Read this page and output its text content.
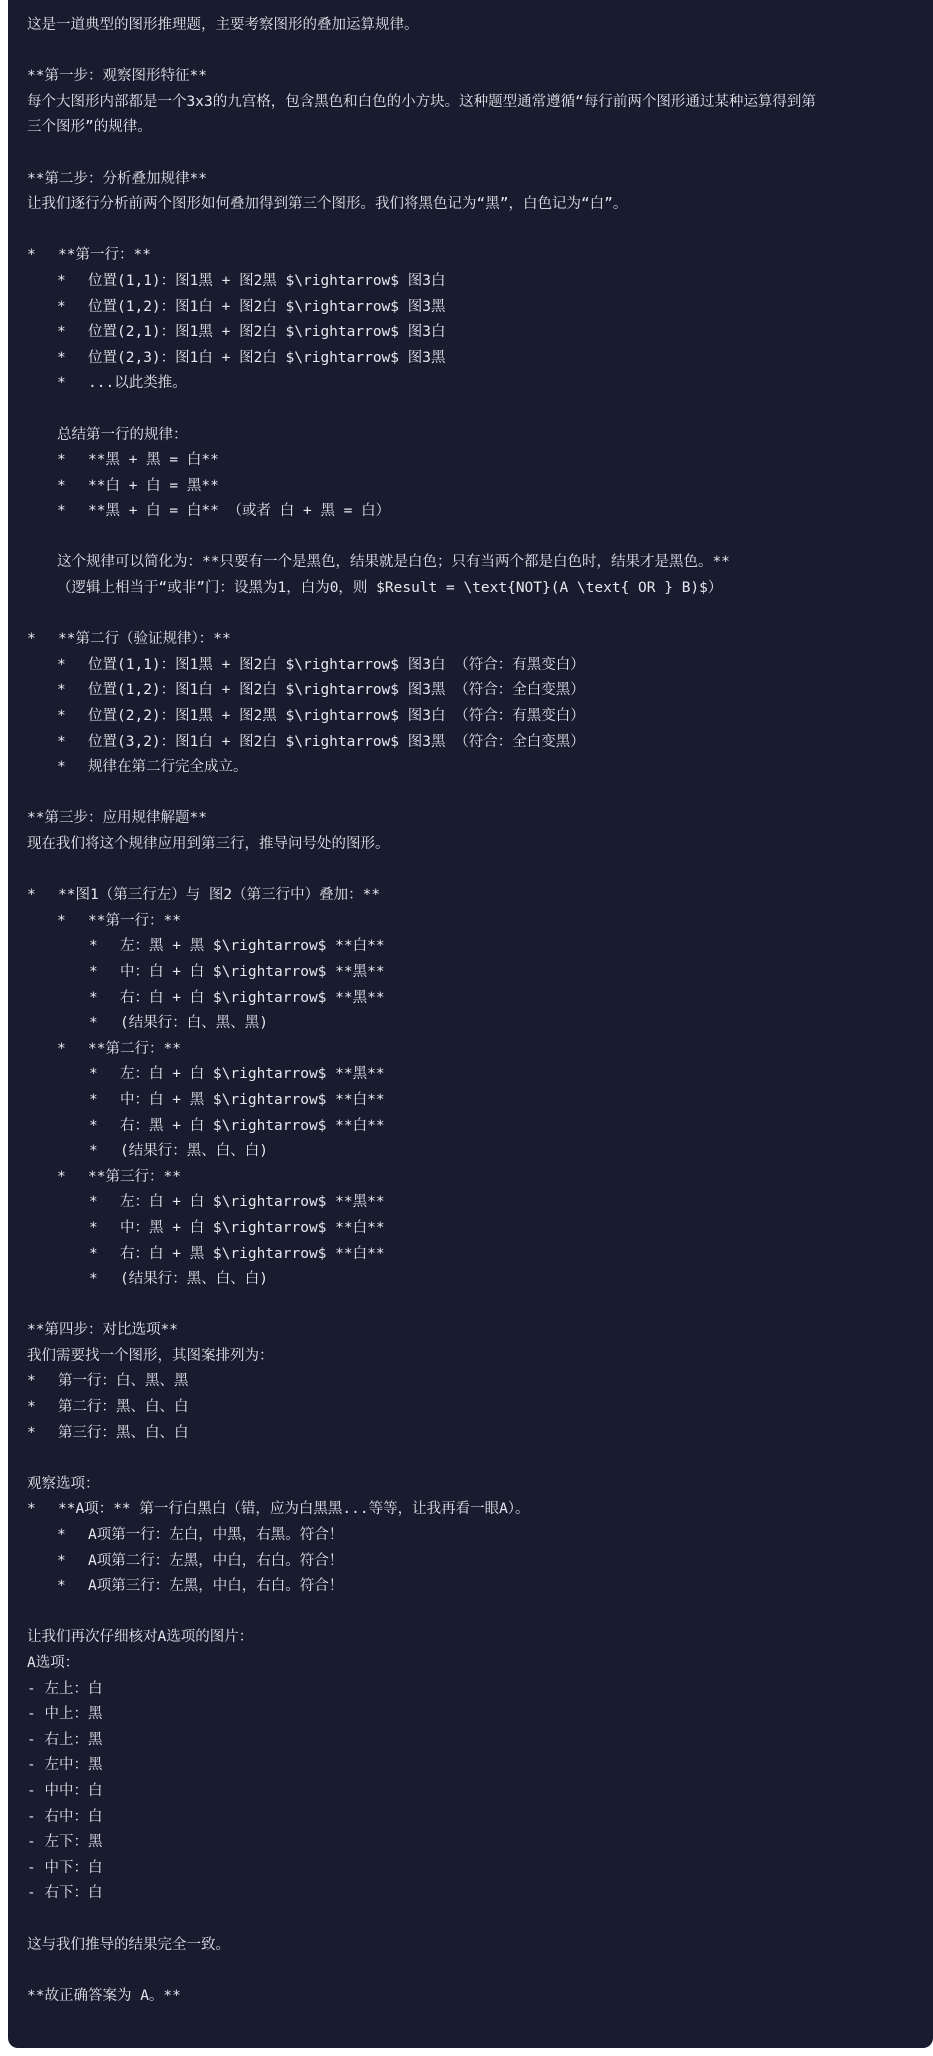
这是一道典型的图形推理题，主要考察图形的叠加运算规律。
**第一步：观察图形特征**
每个大图形内部都是一个3x3的九宫格，包含黑色和白色的小方块。这种题型通常遵循“每行前两个图形通过某种运算得到第
三个图形”的规律。
**第二步：分析叠加规律**
让我们逐行分析前两个图形如何叠加得到第三个图形。我们将黑色记为“黑”，白色记为“白”。
* **第一行：**
* 位置(1,1)：图1黑 + 图2黑 $\rightarrow$ 图3白
* 位置(1,2)：图1白 + 图2白 $\rightarrow$ 图3黑
* 位置(2,1)：图1黑 + 图2白 $\rightarrow$ 图3白
* 位置(2,3)：图1白 + 图2白 $\rightarrow$ 图3黑
* ...以此类推。
总结第一行的规律：
* **黑 + 黑 = 白**
* **白 + 白 = 黑**
* **黑 + 白 = 白** （或者 白 + 黑 = 白）
这个规律可以简化为：**只要有一个是黑色，结果就是白色；只有当两个都是白色时，结果才是黑色。**
（逻辑上相当于“或非”门：设黑为1，白为0，则 $Result = \text{NOT}(A \text{ OR } B)$）
* **第二行（验证规律）：**
* 位置(1,1)：图1黑 + 图2白 $\rightarrow$ 图3白 （符合：有黑变白）
* 位置(1,2)：图1白 + 图2白 $\rightarrow$ 图3黑 （符合：全白变黑）
* 位置(2,2)：图1黑 + 图2黑 $\rightarrow$ 图3白 （符合：有黑变白）
* 位置(3,2)：图1白 + 图2白 $\rightarrow$ 图3黑 （符合：全白变黑）
* 规律在第二行完全成立。
**第三步：应用规律解题**
现在我们将这个规律应用到第三行，推导问号处的图形。
* **图1（第三行左）与 图2（第三行中）叠加：**
* **第一行：**
* 左：黑 + 黑 $\rightarrow$ **白**
* 中：白 + 白 $\rightarrow$ **黑**
* 右：白 + 白 $\rightarrow$ **黑**
* (结果行：白、黑、黑)
* **第二行：**
* 左：白 + 白 $\rightarrow$ **黑**
* 中：白 + 黑 $\rightarrow$ **白**
* 右：黑 + 白 $\rightarrow$ **白**
* (结果行：黑、白、白)
* **第三行：**
* 左：白 + 白 $\rightarrow$ **黑**
* 中：黑 + 白 $\rightarrow$ **白**
* 右：白 + 黑 $\rightarrow$ **白**
* (结果行：黑、白、白)
**第四步：对比选项**
我们需要找一个图形，其图案排列为：
* 第一行：白、黑、黑
* 第二行：黑、白、白
* 第三行：黑、白、白
观察选项：
* **A项：** 第一行白黑白（错，应为白黑黑...等等，让我再看一眼A）。
* A项第一行：左白，中黑，右黑。符合！
* A项第二行：左黑，中白，右白。符合！
* A项第三行：左黑，中白，右白。符合！
让我们再次仔细核对A选项的图片：
A选项：
- 左上：白
- 中上：黑
- 右上：黑
- 左中：黑
- 中中：白
- 右中：白
- 左下：黑
- 中下：白
- 右下：白
这与我们推导的结果完全一致。
**故正确答案为 A。**
